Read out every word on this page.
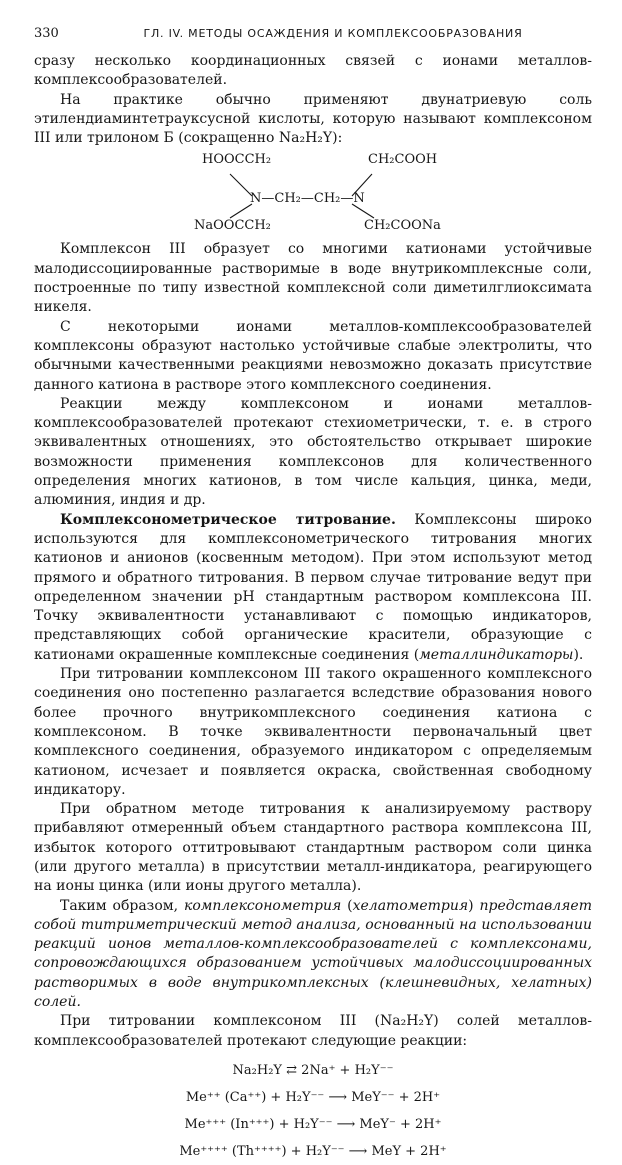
330	ГЛ. IV. МЕТОДЫ ОСАЖДЕНИЯ И КОМПЛЕКСООБРАЗОВАНИЯ

сразу несколько координационных связей с ионами металлов-комплексообразователей.

На практике обычно применяют двунатриевую соль этилендиаминтетрауксусной кислоты, которую называют комплексоном III или трилоном Б (сокращенно Na₂H₂Y):

HOOCCH₂	CH₂COOH
N—CH₂—CH₂—N
NaOOCCH₂	CH₂COONa

Комплексон III образует со многими катионами устойчивые малодиссоциированные растворимые в воде внутрикомплексные соли, построенные по типу известной комплексной соли диметилглиоксимата никеля.

С некоторыми ионами металлов-комплексообразователей комплексоны образуют настолько устойчивые слабые электролиты, что обычными качественными реакциями невозможно доказать присутствие данного катиона в растворе этого комплексного соединения.

Реакции между комплексоном и ионами металлов-комплексообразователей протекают стехиометрически, т. е. в строго эквивалентных отношениях, это обстоятельство открывает широкие возможности применения комплексонов для количественного определения многих катионов, в том числе кальция, цинка, меди, алюминия, индия и др.

Комплексонометрическое титрование. Комплексоны широко используются для комплексонометрического титрования многих катионов и анионов (косвенным методом). При этом используют метод прямого и обратного титрования. В первом случае титрование ведут при определенном значении pH стандартным раствором комплексона III. Точку эквивалентности устанавливают с помощью индикаторов, представляющих собой органические красители, образующие с катионами окрашенные комплексные соединения (металлиндикаторы).

При титровании комплексоном III такого окрашенного комплексного соединения оно постепенно разлагается вследствие образования нового более прочного внутрикомплексного соединения катиона с комплексоном. В точке эквивалентности первоначальный цвет комплексного соединения, образуемого индикатором с определяемым катионом, исчезает и появляется окраска, свойственная свободному индикатору.

При обратном методе титрования к анализируемому раствору прибавляют отмеренный объем стандартного раствора комплексона III, избыток которого оттитровывают стандартным раствором соли цинка (или другого металла) в присутствии металл-индикатора, реагирующего на ионы цинка (или ионы другого металла).

Таким образом, комплексонометрия (хелатометрия) представляет собой титриметрический метод анализа, основанный на использовании реакций ионов металлов-комплексообразователей с комплексонами, сопровождающихся образованием устойчивых малодиссоциированных растворимых в воде внутрикомплексных (клешневидных, хелатных) солей.

При титровании комплексоном III (Na₂H₂Y) солей металлов-комплексообразователей протекают следующие реакции:

Na₂H₂Y ⇄ 2Na⁺ + H₂Y⁻⁻
Me⁺⁺ (Ca⁺⁺) + H₂Y⁻⁻ ⟶ MeY⁻⁻ + 2H⁺
Me⁺⁺⁺ (In⁺⁺⁺) + H₂Y⁻⁻ ⟶ MeY⁻ + 2H⁺
Me⁺⁺⁺⁺ (Th⁺⁺⁺⁺) + H₂Y⁻⁻ ⟶ MeY + 2H⁺
